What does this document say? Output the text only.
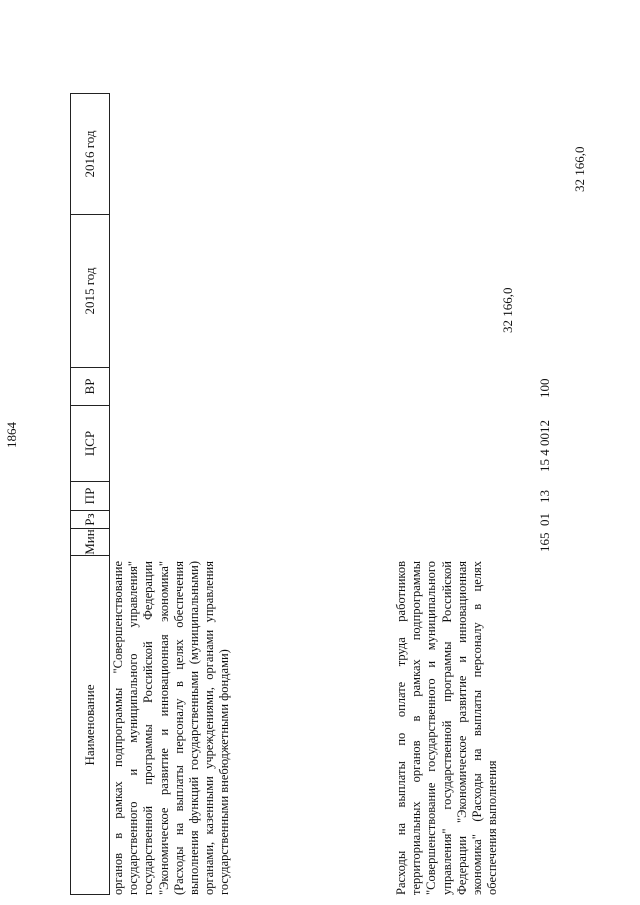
1864
Наименование
Мин
Рз
ПР
ЦСР
ВР
2015 год
2016 год
органов в рамках подпрограммы "Совершенствование государственного и муниципального управления" государственной программы Российской Федерации "Экономическое развитие и инновационная экономика" (Расходы на выплаты персоналу в целях обеспечения выполнения функций государственными (муниципальными) органами, казенными учреждениями, органами управления государственными внебюджетными фондами)	Расходы на выплаты по оплате труда работников территориальных органов в рамках подпрограммы "Совершенствование государственного и муниципального управления" государственной программы Российской Федерации "Экономическое развитие и инновационная экономика" (Расходы на выплаты персоналу в целях обеспечения выполнения
165
01
13
15 4 0012
100
32 166,0
32 166,0
